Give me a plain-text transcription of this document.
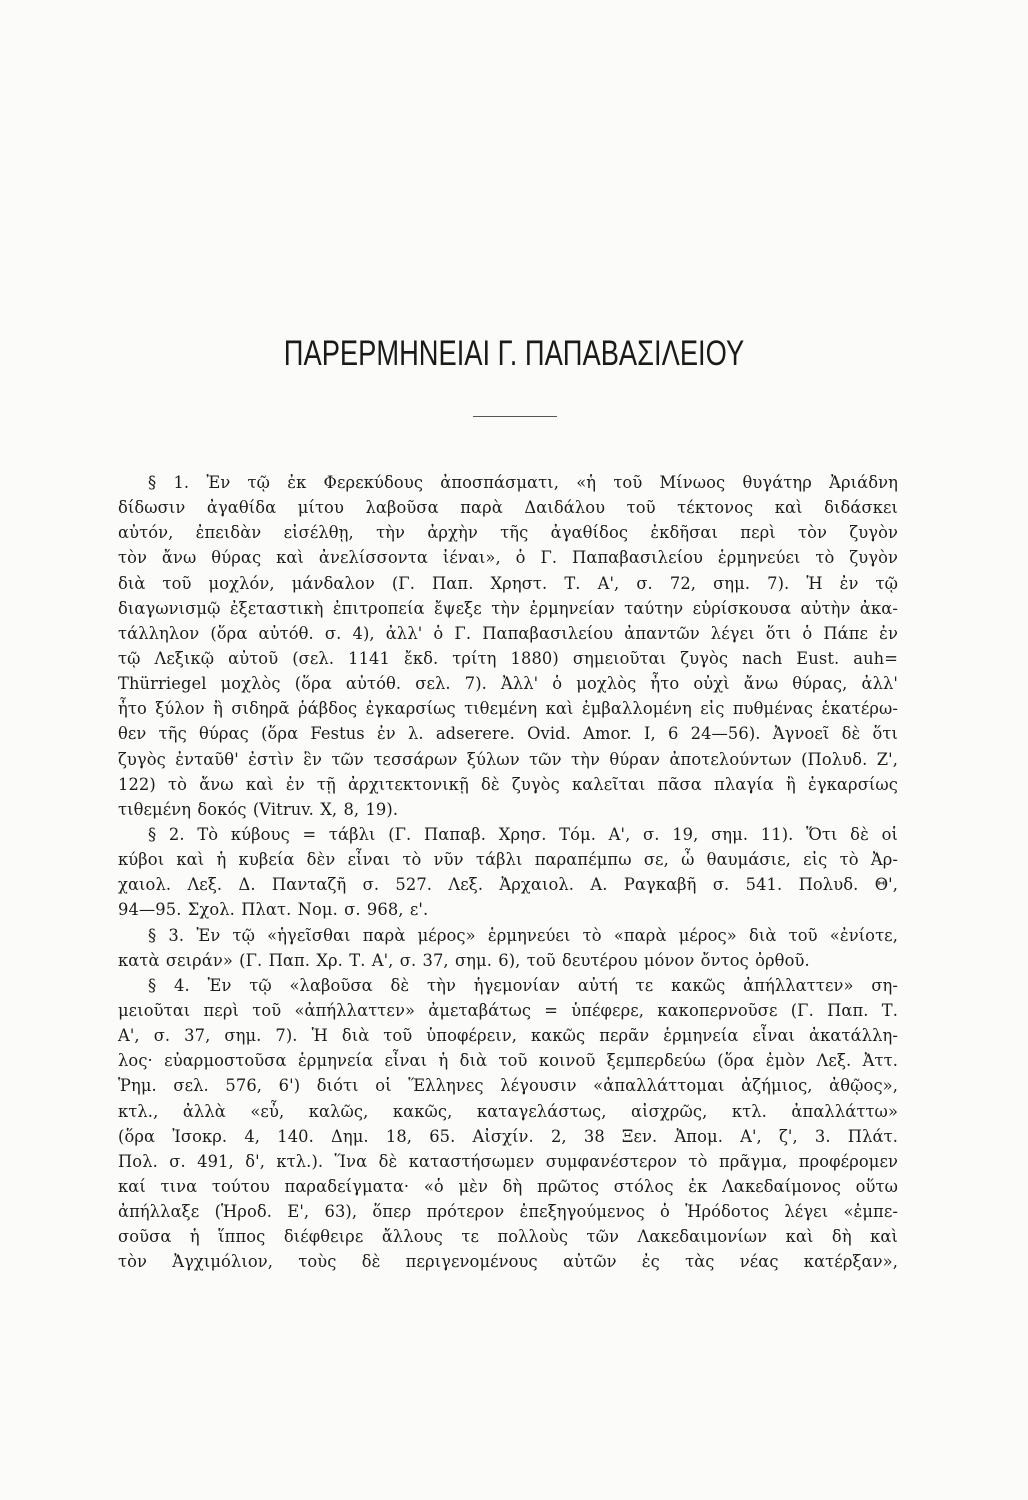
ΠΑΡΕΡΜΗΝΕΙΑΙ Γ. ΠΑΠΑΒΑΣΙΛΕΙΟΥ
§ 1. Ἐν τῷ ἐκ Φερεκύδους ἀποσπάσματι, «ἡ τοῦ Μίνωος θυγάτηρ Ἀριάδνη
δίδωσιν ἀγαθίδα μίτου λαβοῦσα παρὰ Δαιδάλου τοῦ τέκτονος καὶ διδάσκει
αὐτόν, ἐπειδὰν εἰσέλθῃ, τὴν ἀρχὴν τῆς ἀγαθίδος ἐκδῆσαι περὶ τὸν ζυγὸν
τὸν ἄνω θύρας καὶ ἀνελίσσοντα ἰέναι», ὁ Γ. Παπαβασιλείου ἑρμηνεύει τὸ ζυγὸν
διὰ τοῦ μοχλόν, μάνδαλον (Γ. Παπ. Χρηστ. Τ. Α', σ. 72, σημ. 7). Ἡ ἐν τῷ
διαγωνισμῷ ἐξεταστικὴ ἐπιτροπεία ἔψεξε τὴν ἑρμηνείαν ταύτην εὑρίσκουσα αὐτὴν ἀκα-
τάλληλον (ὅρα αὐτόθ. σ. 4), ἀλλ' ὁ Γ. Παπαβασιλείου ἀπαντῶν λέγει ὅτι ὁ Πάπε ἐν
τῷ Λεξικῷ αὐτοῦ (σελ. 1141 ἔκδ. τρίτη 1880) σημειοῦται ζυγὸς nach Eust. auh=
Thürriegel μοχλὸς (ὅρα αὐτόθ. σελ. 7). Ἀλλ' ὁ μοχλὸς ἦτο οὐχὶ ἄνω θύρας, ἀλλ'
ἦτο ξύλον ἢ σιδηρᾶ ῥάβδος ἐγκαρσίως τιθεμένη καὶ ἐμβαλλομένη εἰς πυθμένας ἑκατέρω-
θεν τῆς θύρας (ὅρα Festus ἐν λ. adserere. Ovid. Amor. I, 6 24—56). Ἀγνοεῖ δὲ ὅτι
ζυγὸς ἐνταῦθ' ἐστὶν ἓν τῶν τεσσάρων ξύλων τῶν τὴν θύραν ἀποτελούντων (Πολυδ. Ζ',
122) τὸ ἄνω καὶ ἐν τῇ ἀρχιτεκτονικῇ δὲ ζυγὸς καλεῖται πᾶσα πλαγία ἢ ἐγκαρσίως
τιθεμένη δοκός (Vitruv. X, 8, 19).
§ 2. Τὸ κύβους = τάβλι (Γ. Παπαβ. Χρησ. Τόμ. Α', σ. 19, σημ. 11). Ὅτι δὲ οἱ
κύβοι καὶ ἡ κυβεία δὲν εἶναι τὸ νῦν τάβλι παραπέμπω σε, ὦ θαυμάσιε, εἰς τὸ Ἀρ-
χαιολ. Λεξ. Δ. Πανταζῆ σ. 527. Λεξ. Ἀρχαιολ. Α. Ραγκαβῆ σ. 541. Πολυδ. Θ',
94—95. Σχολ. Πλατ. Νομ. σ. 968, ε'.
§ 3. Ἐν τῷ «ἡγεῖσθαι παρὰ μέρος» ἑρμηνεύει τὸ «παρὰ μέρος» διὰ τοῦ «ἐνίοτε,
κατὰ σειράν» (Γ. Παπ. Χρ. Τ. Α', σ. 37, σημ. 6), τοῦ δευτέρου μόνον ὄντος ὀρθοῦ.
§ 4. Ἐν τῷ «λαβοῦσα δὲ τὴν ἡγεμονίαν αὐτή τε κακῶς ἀπήλλαττεν» ση-
μειοῦται περὶ τοῦ «ἀπήλλαττεν» ἀμεταβάτως = ὑπέφερε, κακοπερνοῦσε (Γ. Παπ. Τ.
Α', σ. 37, σημ. 7). Ἡ διὰ τοῦ ὑποφέρειν, κακῶς περᾶν ἑρμηνεία εἶναι ἀκατάλλη-
λος· εὐαρμοστοῦσα ἑρμηνεία εἶναι ἡ διὰ τοῦ κοινοῦ ξεμπερδεύω (ὅρα ἐμὸν Λεξ. Ἀττ.
Ῥημ. σελ. 576, 6') διότι οἱ Ἕλληνες λέγουσιν «ἀπαλλάττομαι ἀζήμιος, ἀθῷος»,
κτλ., ἀλλὰ «εὖ, καλῶς, κακῶς, καταγελάστως, αἰσχρῶς, κτλ. ἀπαλλάττω»
(ὅρα Ἰσοκρ. 4, 140. Δημ. 18, 65. Αἰσχίν. 2, 38 Ξεν. Ἀπομ. Α', ζ', 3. Πλάτ.
Πολ. σ. 491, δ', κτλ.). Ἵνα δὲ καταστήσωμεν συμφανέστερον τὸ πρᾶγμα, προφέρομεν
καί τινα τούτου παραδείγματα· «ὁ μὲν δὴ πρῶτος στόλος ἐκ Λακεδαίμονος οὕτω
ἀπήλλαξε (Ἡροδ. Ε', 63), ὅπερ πρότερον ἐπεξηγούμενος ὁ Ἡρόδοτος λέγει «ἐμπε-
σοῦσα ἡ ἵππος διέφθειρε ἄλλους τε πολλοὺς τῶν Λακεδαιμονίων καὶ δὴ καὶ
τὸν Ἀγχιμόλιον, τοὺς δὲ περιγενομένους αὐτῶν ἐς τὰς νέας κατέρξαν»,
